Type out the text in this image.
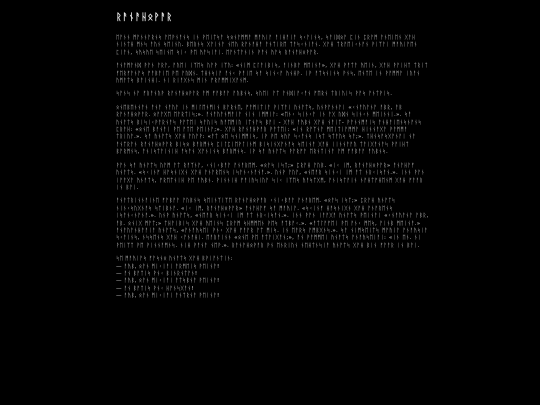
ᚱᚨᚾᚨᚺᛟᚹᚨᚱ
ᛖᚨᚾᚾ ᛗᚨᚾᚾᚨᚱᚾᛋ ᚨᛖᚹᚾᚨᚾᛋ ᛁᚾ ᚹᛖᛁᛏᛋᚨ ᛋᛟᚾᚨᛗᛗᚨ ᛗᚨᚤᛁᚨ ᚨᛁᚺᚨᛁᚨ ᛋᚲᚨᛁᚾᛋ, ᛋᚨᛁᛞᛟᚨ ᛈᛁᚾ ᛈᚱᚨᛗ ᚨᚾᛖᛁᛖᚾ ᚷᚨᚺ ᚾᛁᚾᛏᚺ ᛗᚾᛋ ᚨᚢᚾ ᛋᛖᛁᚾᚢ. ᛒᛖᚱᚾᛋ ᚷᚨᛁᚾᚨ ᚾᛖᚢ ᚱᚨᚾᚨᚺᚨ ᚨᚾᛏᛁᚱᛖ ᛏᚨᛋᚲᚾᛁᚨᚾ. ᚷᚨᚺ ᛏᚱᚨᛖᛁᚲᚾᚨᚾ ᚹᛁᛉᚨᛁ ᛗᚨᚤᛁᚨᛖᚾ ᛈᛁᚨᚾ, ᛋᚤᛋᚤᛖ ᛋᛖᛁᚾᛖ ᛋᛁᚲ ᚹᛖ ᚤᚨᛋᛁᚨᛁ. ᛖᚨᚾᛏᚨᚾᛁᚾ ᚹᚨᚾ ᚤᚨᛋ ᚱᚨᚾᚨᚺᛟᚹᚨᚱ.
ᚨᚾᚨᛗᚨᚾᛞ ᚹᚨᚾ ᚨᚱᚨ, ᚨᚢᛖᛁ ᛁᛉᛖᛋ ᚢᚨᚹ ᛁᛉᚢ: «ᚾᛁᛗ ᛈᛚᚨᛁᛒᛁᛋ, ᚨᛁᚾᛒᚨ ᛗᛖᛁᚾᚨ», ᚷᚨᚺ ᚹᚨᛏᚨ ᚤᛖᛁᚾ, ᚷᚨᚺ ᚹᚨᛁᚺᛏ ᛏᚱᛁᛏ ᚠᛖᚱᚠᚨᚾᚨᛋ ᚠᚨᛒᚨᛁᛖ ᚹᛖ ᚨᚢᛞᚾ. ᛏᚺᚾᛋᛁᚨ ᚨᚾᚲ ᚹᚨᛁᛖ ᛋᚨ ᛋᛁᚾᚲᚨ ᚤᚾᚺᚹ. ᛁᚹ ᚨᛏᛋᚾᛁᚾᛋ ᚹᚾᛋ, ᛖᚾᛏᛖ ᛁᚾ ᚹᚨᛗᛗᚨ ᛁᚢᚨᚾ ᚤᛗᚨᛏᛋ ᛒᚨᛁᚾᚺᛁ. ᚾᛁ ᚱᛁᚨᚷᚾᛋ ᛗᛁᚾ ᚠᚱᚨᛗᛗᛁᚷᚨᚾᛗ.
ᛋᚨᚾᛋ ᚾᚨ ᚠᚱᚨᚾᚢᚹ ᚱᚨᚾᚨᚺᛟᚹᚨᚱ ᚨᛗ ᚠᚨᛒᚨᚨ ᚨᚢᛒᚾᛋ, ᛋᚢᛖᛁ ᚨᛏ ᚨᚾᛞᛁᚨᚲᚨᚾ ᚠᛖᚱᚾ ᛏᚱᛁᚢᛁᛋ ᚹᚨᛋ ᚨᚾᛏᚹᛁᛋ.
ᛟᚾᛖᛒᛖᚾᚾᚨᚾ ᚨᚾᚨ ᚾᚨᚢᚨ ᛁᚾ ᛗᛁᛚᛖᚾᛗᛁᚾ ᛒᚨᚱᚾᛖ, ᚠᚨᛗᛁᛏᛁᚨ ᚹᛁᛉᚨᛁ ᚤᚾᚨᛏᛋ, ᚢᚾᚹᚨᚾᚾᚨᛁ «ᚲᚾᚨᚢᚨᚾᚨ ᚨᛒᚱ, ᚨᛒ ᚱᚨᚾᚨᚺᛟᚹᚨᚱ. ᛟᚨᚨᚷᛖ ᛖᚨᚱᛏᛁᛋ;». ᚨᚾᚨᚢᚨᚾᛗᚨᛁᚨ ᚾᛁᚾ ᛁᛗᛗᛁᚨ: «ᛖᚾᚲ ᛋᛁᚾᚲᚨ ᛁᚾ ᚨᚷ ᚢᛞᚾ ᛋᛁᚾᚲᚾ ᛗᛖᛁᚾᚾᛁ.». ᛋᚨ ᚤᚾᚨᛏᛋ ᛒᛁᛋᛁᚲᚹᚨᚱᚾᚨᛋ ᚹᚨᛏᛖᛁ ᛋᚨᚢᛁᛋ ᚤᚨᛖᛗᛁᚢ ᛁᛏᚾᚨᛋ ᛒᚨᛁ - ᚷᚨᚺ ᚨᚤᛒᚾ ᚷᚨᚺ ᚾᚨᛁᛏ- ᚹᚨᚾᚾᛗᚨᛁᛋ ᚨᚾᚺᚨᛁᛖᚾᛋᚾᚨᚾᛋ ᛈᚱᚨᚺ: «ᛟᚾᛖ ᛒᚨᚾᚨᛁ ᚹᛖ ᚨᛏᛖ ᚹᛖᛁᚾᚨ;». ᚷᚨᚺ ᚱᚨᚾᚨᚺᚹᚨᚱ ᚹᚨᛏᛖᛁ: «ᛁᚾ ᚱᚨᛉᚾᚨ ᛗᛖᛁᛏᛁᚨᛗᛗᚨ ᚺᛁᚾᚾᚨᚷᚨ ᚹᚨᛗᛗᚨ ᛏᚱᛁᚢᚨ.». ᛋᚨ ᚤᚾᚨᛏᛋ ᚷᚨᚺ ᚨᚢᚨᚹ: «ᚨᛏ ᛟᛖ ᛋᚾᛁᛗᛗᛁᛋ, ᛁᚹ ᚹᛖ ᛋᚤᚨ ᛋᚲᚨᚾᛋ ᛁᛋᛏ ᛋᛏᚨᚢᛋ ᛋᚨ;». ᛏᚺᚾᛋᚨᛋᚷᚨᚾᚨᛁ ᚾᚨ ᚨᚾᛏᚱᚨᚾ ᚱᚨᚾᚨᚺᛟᚹᚨᚱ ᛒᛁᛋᛟ ᛒᚨᚱᛗᚾᛋ ᛈᛁᛚᛈᛁᛖᚹᛚᛁᚾᛗ ᛒᛁᛋᛁᚾᚷᚨᚾᚨᛋ ᛋᛖᛁᚾᚨ ᚷᚨᚺ ᛁᛁᚾᚾᚨᚨᚢ ᛏᚨᛁᚷᚨᚾᚨᛋ ᚹᚨᛁᚺᛏ ᛒᚨᚱᛗᚾᛋ, ᚨᚾᛁᛋᛏᚨᛁᚾᛁᚺ ᚨᛋᚨᚾ ᚷᚨᚾᛁᚾᛋ ᛒᚨᚱᛗᚾᛋ. ᛁᚹ ᛋᚨ ᚤᚾᚨᛏᛋ ᚹᚨᚱᚠᚨ ᛖᚱᚾᛏᛁᚾᚨ ᚨᛗ ᚠᚨᛒᚨᚨ ᚨᚢᛒᚾᛋ.
ᚹᚨᚾ ᛋᚨ ᚤᚾᚨᛏᛋ ᚢᚨᛗ ᚨᛏ ᚱᚨᛉᚾᚨ, ᚲᚾᛁᚲᛒᚨᚨ ᚨᚾᚨᚱᛖᛗ. «ᛟᚨᛋ ᛁᛋᛏ;» ᛈᚱᚨᚺ ᚨᚢᛒ. «ᛁᚲ ᛁᛗ, ᚱᚨᚾᚨᚺᛟᚹᚨᚱ» ᚨᚾᚨᚺᚨᚠ ᚤᚾᚨᛏᛋ. «ᛋᚲᛁᚾᚠ ᚺᚨᛋᚾᛁᚷᚾ ᚷᚨᚺ ᚨᚾᚨᚱᛖᚾᛋ ᛁᛋᚨᚾᚲᚾᚨᚾᚨ.». ᚢᚾᚹ ᚨᚢᚨ, «ᚾᛖᚨᚱ ᛋᛁᚾᚲᛁ ᛁᛗ ᚨᛏ ᚾᚱᚲᛁᛋᚨᚾ.». ᛁᚾᚾ ᚹᚨᚾ ᛁᚨᚨᚷᚨ ᚤᚾᚨᛏᛋ, ᚠᚱᛖᛏᚾᛁᚺ ᚹᛖ ᚨᚤᛒᚾ. ᚹᛁᚾᚾᛁᚺ ᚠᚨᛁᚤᛋᛁᚢᚨ ᛋᛁᚲ ᛁᛉᛖᛋ ᚤᚨᛋᛏᚷᛗ, ᚨᚾᛁᛋᛏᚨᛁᚾ ᚾᚨᚺᛏᚠᚺᛖᚾᛗ ᚷᚨᚺ ᚠᚨᚨᚱ ᛁᚾ ᛒᚨᛁ.
ᚨᚾᚨᛏᚱᛁᚾᚾᚨᛁᚾᛖ ᚠᚨᛒᚨᚨ ᚨᚢᛒᚾᛋ ᛋᛖᛁᚾᛉᛁᛉᛖ ᚱᚨᚾᚨᚺᛟᚹᚨᚱ ᚲᚾᛁᚲᛒᚨᚨ ᚨᚾᚨᚱᛖᛗ. «ᛟᚨᛋ ᛁᛋᛏ;» ᛈᚱᚨᚺ ᚤᚾᚨᛏᛋ ᚾᛁᚾᚲᛋᚢᚷᚾᚨᛋ ᛋᛏᛁᛒᚾᚨ. «ᛁᚲ ᛁᛗ, ᚱᚨᚾᚨᚺᛟᚹᚨᚱ» ᚨᚾᚨᚺᚨᚠ ᛋᚨ ᛗᚨᚤᛁᚨ. «ᛋᚲᛁᚾᚠ ᚺᚨᛋᚾᛁᚷᚾ ᚷᚨᚺ ᚨᚾᚨᚱᛖᚾᛋ ᛁᛋᚨᚾᚲᚾᚨᚾᚨ.». ᚢᚾᚹ ᚤᚾᚨᛏᛋ, «ᚾᛖᚨᚱ ᛋᛁᚾᚲᛁ ᛁᛗ ᚨᛏ ᚾᚱᚲᛁᛋᚨᚾ.». ᛁᚾᚾ ᚹᚨᚾ ᛁᚨᚨᚷᚨ ᚤᚾᚨᛏᛋ ᚹᛖᛁᚾᚨᛁ «ᚲᚾᚨᚢᚨᚾᚨ ᚨᛒᚱ, ᚨᛒ. ᛟᚾᛁᚷ ᛗᚨᛏ;» ᛏᚺᚨᛁᛒᛁᛋ ᚷᚨᚺ ᚤᛖᛁᚾᛋ ᛈᚱᚨᛗ ᛋᚺᛗᛗᛖᚾ ᚹᛖᛋ ᚨᛏᛒᚨᚲ.». «ᚨᛏᛚᚨᚠᛖᛁ ᚹᛖ ᚨᚾᚲ ᛗᛖᛋ, ᚨᛁᚾᛒ ᛗᛖᛁᚾᚨ.» ᚨᚾᚨᚢᚨᚾᚺᚨᚨᛁᚨ ᚤᚾᚨᛏᛋ, «ᚨᚾᚨᚤᛋᛖᛁ ᚹᚾᚲ ᚷᚨᚺ ᚠᚨᚨᚱ ᚨᛏ ᛗᛁᛋ. ᛁᚾ ᛖᚨᚱᛋ ᚨᛗᛒᚷᚾᛋ.». ᛋᚨ ᚾᛁᛗᛋᛖᛁᛏᛋ ᛗᚨᚤᛁᚨ ᚨᚾᚨᚤᛋᛁᚨ ᛋᚲᚨᛁᚾᛋ, ᚾᛋᛋᛖᚾᛋ ᚷᚨᚺ ᚲᚨᚾᚨᚺᛁ. ᛖᚨᚱᚨᛁᚾᚾ «ᛟᚾᛖ ᚹᛖ ᚨᛏᚨᛁᚷᚨᚾ;», ᚨᚾ ᚹᚨᛗᛗᛖᛁ ᚤᚾᚨᛏᛋ ᚨᚾᚨᚤᛋᛖᛁᚨᛁ: «ᛁᚾ ᛖᚾ. ᚾᛁ ᚹᛖᛁᛉᛏ ᚹᛖ ᚹᛁᚾᚾᚨᛗᚾᛋ. ᚾᛁᚺ ᚹᚨᚾᚨ ᚾᛖᚹ.». ᚱᚨᚾᚨᚺᛟᚹᚨᚱ ᚹᚾ ᛖᚾᚱᛁᚢᚾ ᚾᛖᚺᛏᚾᛋᛁᚨ ᚤᚾᚨᛏᛋ ᚷᚨᚺ ᛒᛁᚾ ᚠᚨᚨᚱ ᛁᚾ ᛒᚨᛁ.
ᛋᛖ ᛗᚨᚤᛁᚨᛋ ᚠᚨᛋᚾᛟ ᚤᚾᚨᛏᛋ ᚷᚨᚺ ᛒᚹᛁᚨᚾᛏᛁᚾ:
— ᚨᚤᛒ, ᛟᚨᚾ ᛗᛁᚲᛁᚨᛁ ᚨᚱᛗᛖᛁᛋ ᚹᛖᛁᚾᚨ!
— ᚨᚾ ᛒᚨᛏᛁᛋ ᚹᚾᚲ ᛒᛁᚾᚱᚾᛏᚨᚾ!
— ᚨᚤᛒ, ᛟᚨᚾ ᛗᛁᚲᛁᚨᛁ ᚨᛏᛋᛒᚾᚨ ᚹᛖᛁᚾᚨ!
— ᚨᚾ ᛒᚨᛏᛁᛋ ᚹᚾᚲ ᚺᚨᚾᛋᚷᚨᚾ!
— ᚨᚤᛒ, ᛟᚨᚾ ᛗᛁᚲᛁᚨᛁ ᚨᚾᛏᚱᚾᚨ ᚹᛖᛁᚾᚨ!
